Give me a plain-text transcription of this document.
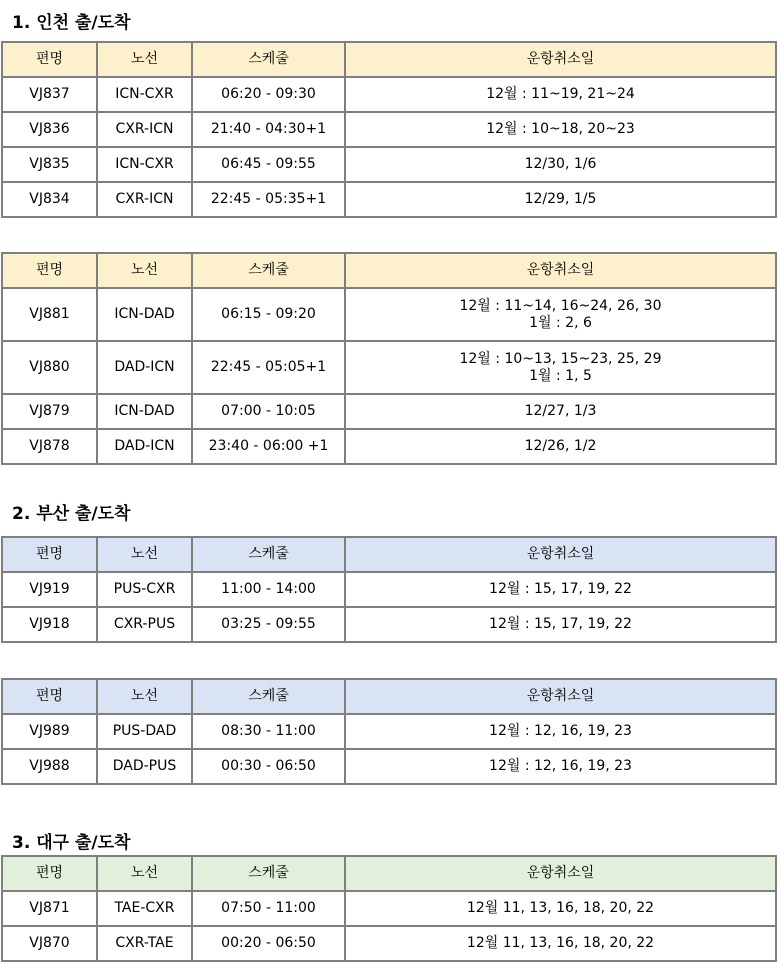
1. 인천 출/도착
편명	노선	스케줄	운항취소일
VJ837	ICN-CXR	06:20 - 09:30	12월 : 11~19, 21~24
VJ836	CXR-ICN	21:40 - 04:30+1	12월 : 10~18, 20~23
VJ835	ICN-CXR	06:45 - 09:55	12/30, 1/6
VJ834	CXR-ICN	22:45 - 05:35+1	12/29, 1/5
편명	노선	스케줄	운항취소일
VJ881	ICN-DAD	06:15 - 09:20	12월 : 11~14, 16~24, 26, 30
1월 : 2, 6

VJ880	DAD-ICN	22:45 - 05:05+1	12월 : 10~13, 15~23, 25, 29
1월 : 1, 5

VJ879	ICN-DAD	07:00 - 10:05	12/27, 1/3
VJ878	DAD-ICN	23:40 - 06:00 +1	12/26, 1/2
2. 부산 출/도착
편명	노선	스케줄	운항취소일
VJ919	PUS-CXR	11:00 - 14:00	12월 : 15, 17, 19, 22
VJ918	CXR-PUS	03:25 - 09:55	12월 : 15, 17, 19, 22
편명	노선	스케줄	운항취소일
VJ989	PUS-DAD	08:30 - 11:00	12월 : 12, 16, 19, 23
VJ988	DAD-PUS	00:30 - 06:50	12월 : 12, 16, 19, 23
3. 대구 출/도착
편명	노선	스케줄	운항취소일
VJ871	TAE-CXR	07:50 - 11:00	12월 11, 13, 16, 18, 20, 22
VJ870	CXR-TAE	00:20 - 06:50	12월 11, 13, 16, 18, 20, 22
